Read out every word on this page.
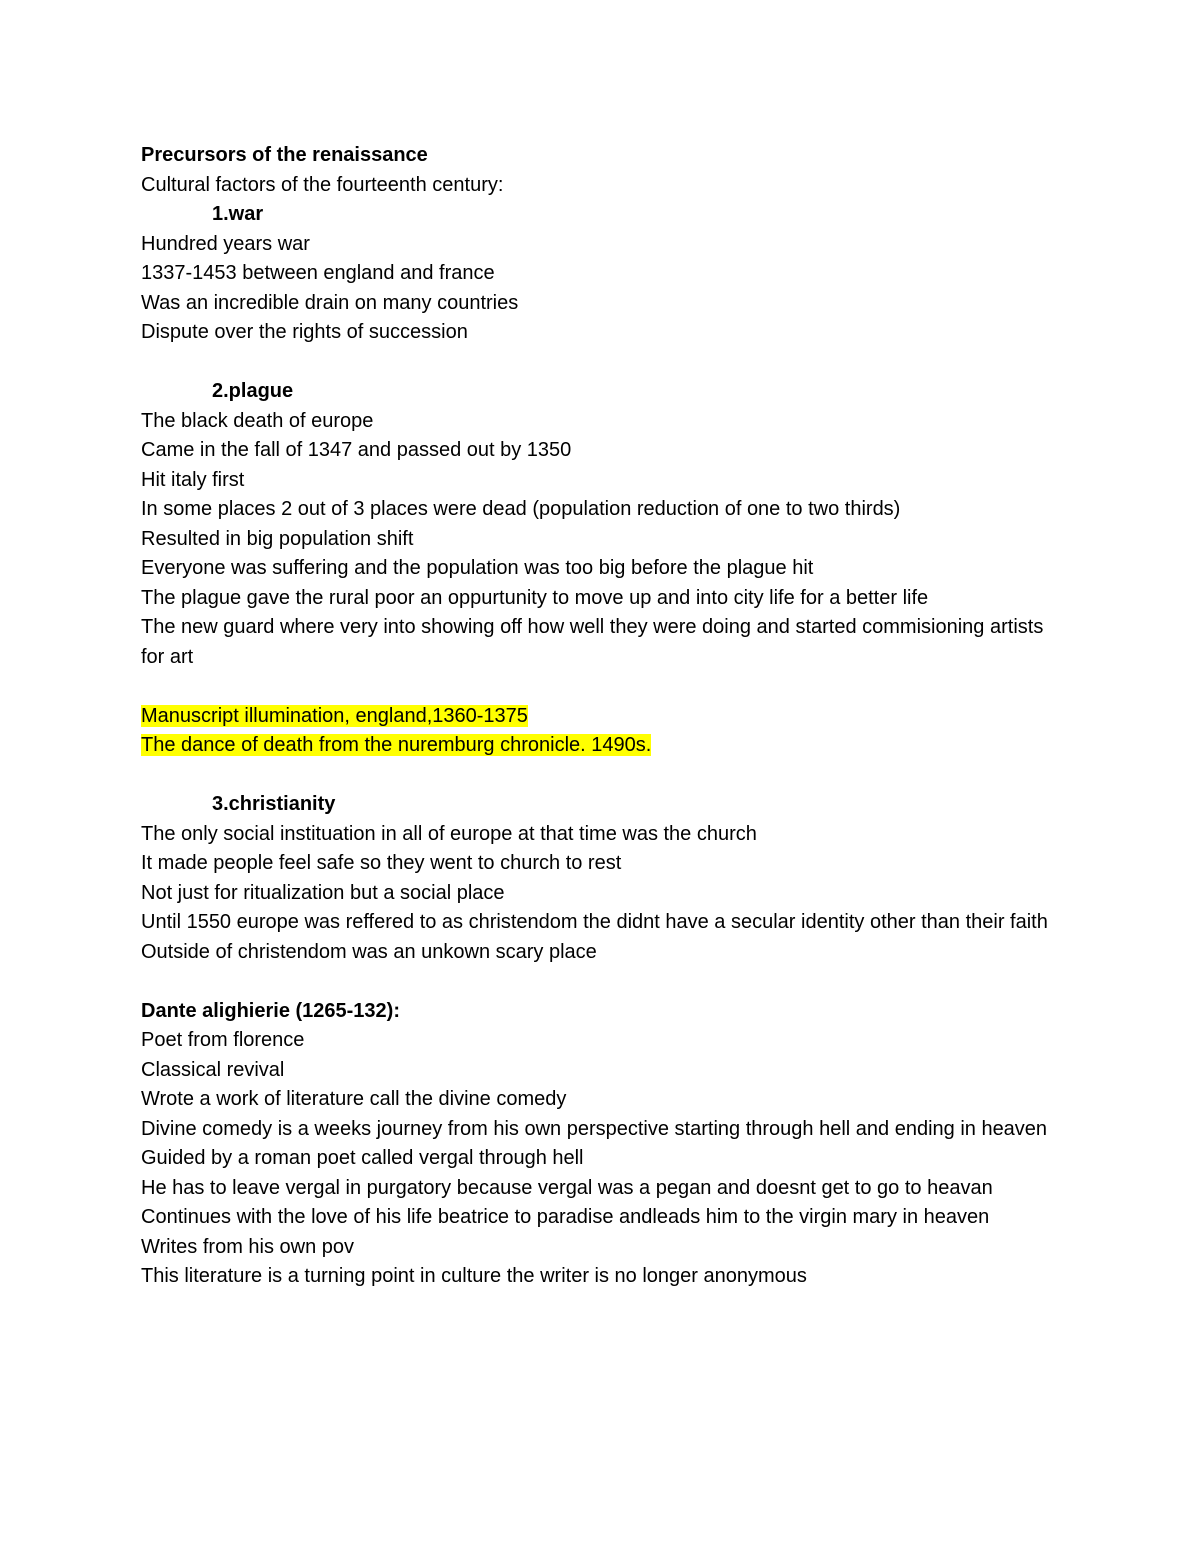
Precursors of the renaissance

Cultural factors of the fourteenth century:

1.war

Hundred years war

1337-1453 between england and france

Was an incredible drain on many countries

Dispute over the rights of succession

2.plague

The black death of europe

Came in the fall of 1347 and passed out by 1350

Hit italy first

In some places 2 out of 3 places were dead (population reduction of one to two thirds)

Resulted in big population shift

Everyone was suffering and the population was too big before the plague hit

The plague gave the rural poor an oppurtunity to move up and into city life for a better life

The new guard where very into showing off how well they were doing and started commisioning artists for art

Manuscript illumination, england,1360-1375

The dance of death from the nuremburg chronicle. 1490s.

3.christianity

The only social instituation in all of europe at that time was the church

It made people feel safe so they went to church to rest

Not just for ritualization but a social place

Until 1550 europe was reffered to as christendom the didnt have a secular identity other than their faith

Outside of christendom was an unkown scary place

Dante alighierie (1265-132):

Poet from florence

Classical revival

Wrote a work of literature call the divine comedy

Divine comedy is a weeks journey from his own perspective starting through hell and ending in heaven

Guided by a roman poet called vergal through hell

He has to leave vergal in purgatory because vergal was a pegan and doesnt get to go to heavan

Continues with the love of his life beatrice to paradise andleads him to the virgin mary in heaven

Writes from his own pov

This literature is a turning point in culture the writer is no longer anonymous
